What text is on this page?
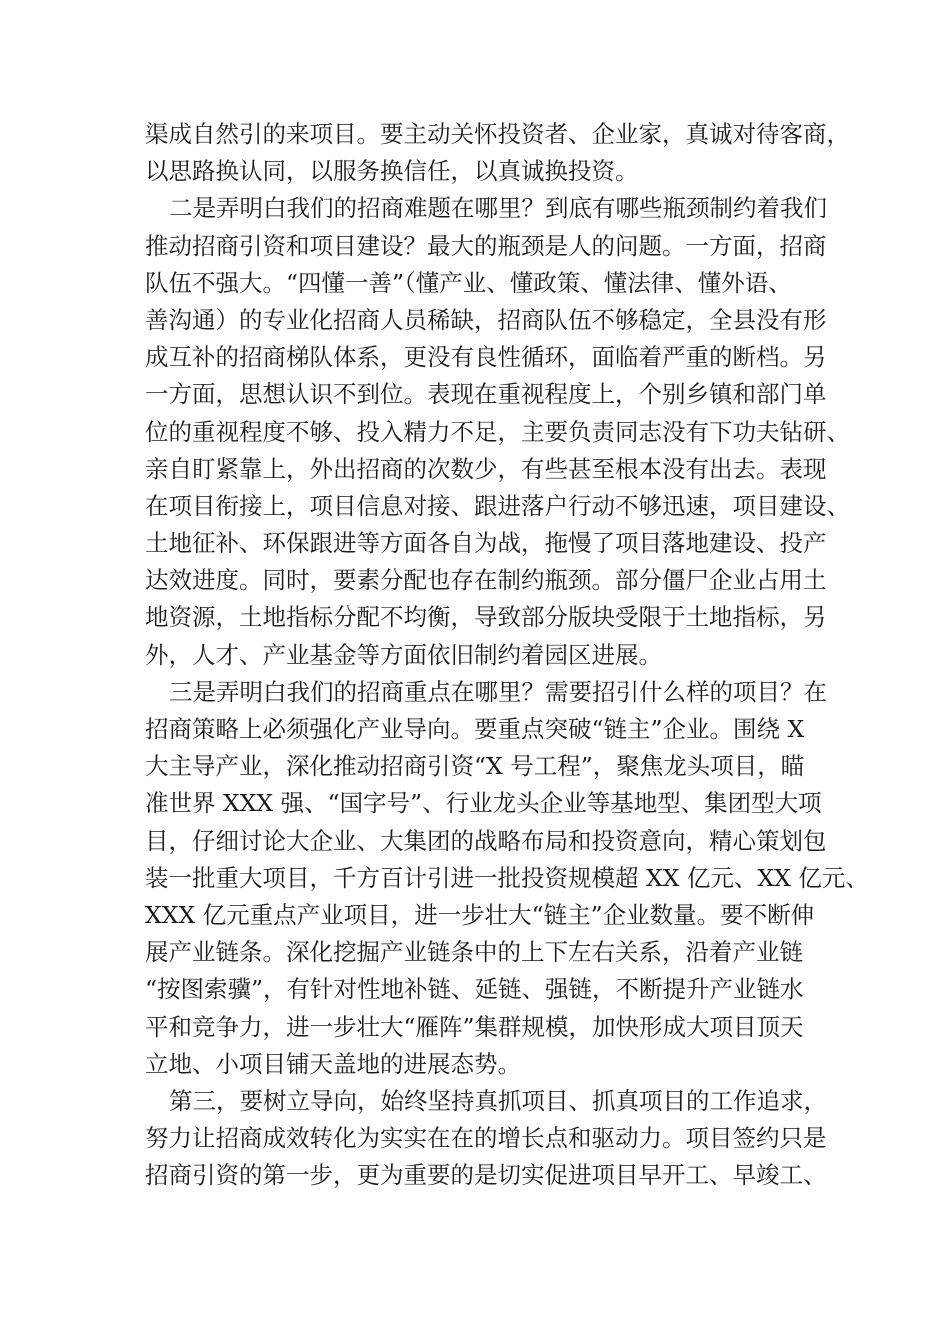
渠成自然引的来项目。要主动关怀投资者、企业家，真诚对待客商，
以思路换认同，以服务换信任，以真诚换投资。
二是弄明白我们的招商难题在哪里？到底有哪些瓶颈制约着我们
推动招商引资和项目建设？最大的瓶颈是人的问题。一方面，招商
队伍不强大。“四懂一善”（懂产业、懂政策、懂法律、懂外语、
善沟通）的专业化招商人员稀缺，招商队伍不够稳定，全县没有形
成互补的招商梯队体系，更没有良性循环，面临着严重的断档。另
一方面，思想认识不到位。表现在重视程度上，个别乡镇和部门单
位的重视程度不够、投入精力不足，主要负责同志没有下功夫钻研、
亲自盯紧靠上，外出招商的次数少，有些甚至根本没有出去。表现
在项目衔接上，项目信息对接、跟进落户行动不够迅速，项目建设、
土地征补、环保跟进等方面各自为战，拖慢了项目落地建设、投产
达效进度。同时，要素分配也存在制约瓶颈。部分僵尸企业占用土
地资源，土地指标分配不均衡，导致部分版块受限于土地指标，另
外，人才、产业基金等方面依旧制约着园区进展。
三是弄明白我们的招商重点在哪里？需要招引什么样的项目？在
招商策略上必须强化产业导向。要重点突破“链主”企业。围绕 X
大主导产业，深化推动招商引资“X 号工程”，聚焦龙头项目，瞄
准世界 XXX 强、“国字号”、行业龙头企业等基地型、集团型大项
目，仔细讨论大企业、大集团的战略布局和投资意向，精心策划包
装一批重大项目，千方百计引进一批投资规模超 XX 亿元、XX 亿元、
XXX 亿元重点产业项目，进一步壮大“链主”企业数量。要不断伸
展产业链条。深化挖掘产业链条中的上下左右关系，沿着产业链
“按图索骥”，有针对性地补链、延链、强链，不断提升产业链水
平和竞争力，进一步壮大“雁阵”集群规模，加快形成大项目顶天
立地、小项目铺天盖地的进展态势。
第三，要树立导向，始终坚持真抓项目、抓真项目的工作追求，
努力让招商成效转化为实实在在的增长点和驱动力。项目签约只是
招商引资的第一步，更为重要的是切实促进项目早开工、早竣工、
